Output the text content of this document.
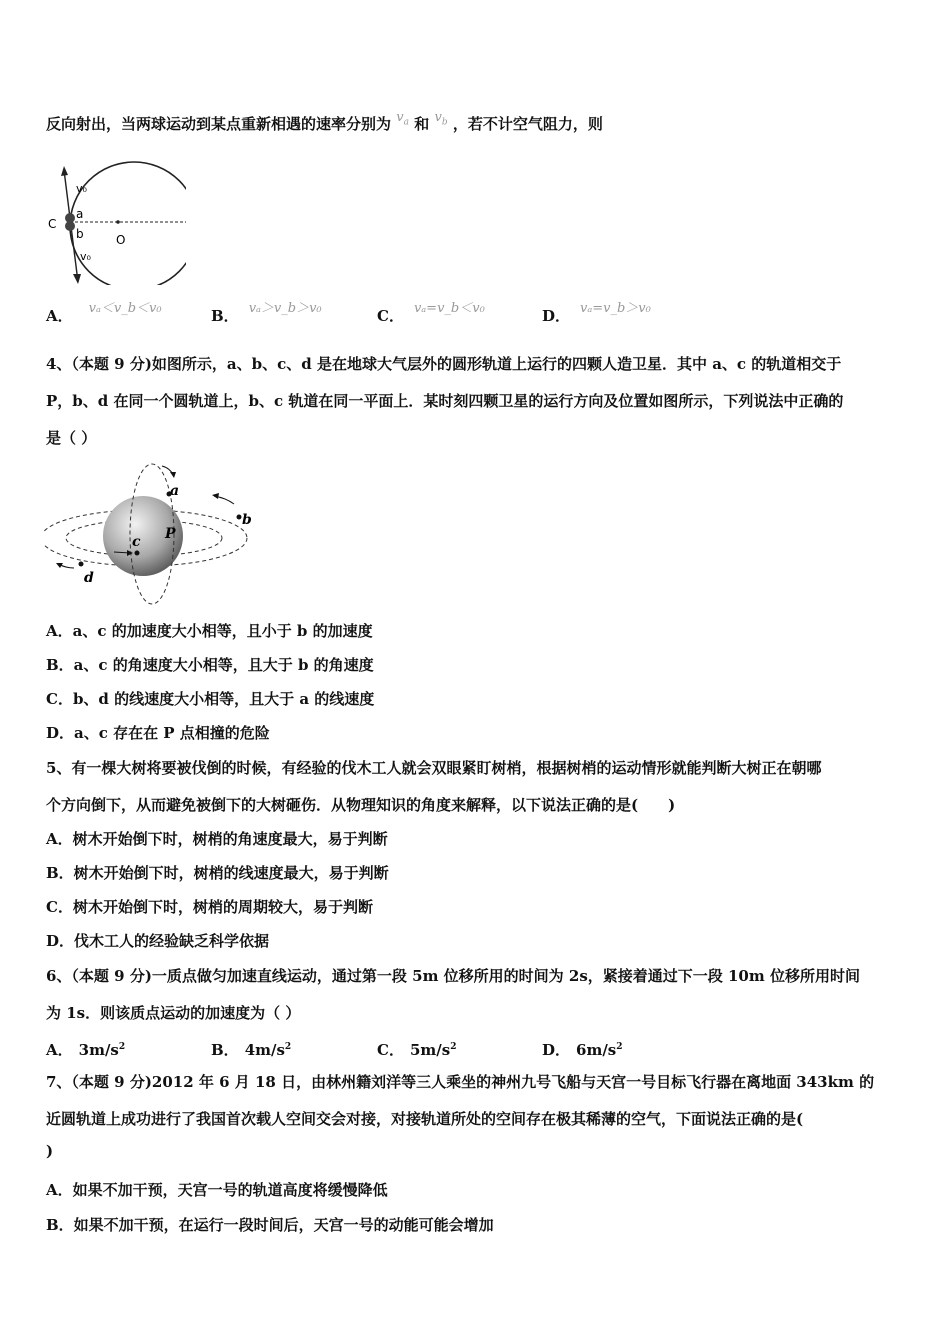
反向射出，当两球运动到某点重新相遇的速率分别为 $v_a$ 和 $v_b$ ，若不计空气阻力，则
v₀
C
a
b	O
v₀
A． vₐ＜v_b＜v₀	B． vₐ＞v_b＞v₀	C． vₐ=v_b＜v₀	D． vₐ=v_b＞v₀
4、（本题 9 分)如图所示，a、b、c、d 是在地球大气层外的圆形轨道上运行的四颗人造卫星．其中 a、c 的轨道相交于
P，b、d 在同一个圆轨道上，b、c 轨道在同一平面上．某时刻四颗卫星的运行方向及位置如图所示，下列说法中正确的
是（ ）
a
b
c
d
P
A．a、c 的加速度大小相等，且小于 b 的加速度
B．a、c 的角速度大小相等，且大于 b 的角速度
C．b、d 的线速度大小相等，且大于 a 的线速度
D．a、c 存在在 P 点相撞的危险
5、有一棵大树将要被伐倒的时候，有经验的伐木工人就会双眼紧盯树梢，根据树梢的运动情形就能判断大树正在朝哪
个方向倒下，从而避免被倒下的大树砸伤．从物理知识的角度来解释，以下说法正确的是(　　)
A．树木开始倒下时，树梢的角速度最大，易于判断
B．树木开始倒下时，树梢的线速度最大，易于判断
C．树木开始倒下时，树梢的周期较大，易于判断
D．伐木工人的经验缺乏科学依据
6、（本题 9 分)一质点做匀加速直线运动，通过第一段 5m 位移所用的时间为 2s，紧接着通过下一段 10m 位移所用时间
为 1s．则该质点运动的加速度为（ ）
A． $3m/s^2$	B． $4m/s^2$	C． $5m/s^2$	D． $6m/s^2$
7、（本题 9 分)2012 年 6 月 18 日，由林州籍刘洋等三人乘坐的神州九号飞船与天宫一号目标飞行器在离地面 343km 的
近圆轨道上成功进行了我国首次载人空间交会对接，对接轨道所处的空间存在极其稀薄的空气，下面说法正确的是(
)
A．如果不加干预，天宫一号的轨道高度将缓慢降低
B．如果不加干预，在运行一段时间后，天宫一号的动能可能会增加
